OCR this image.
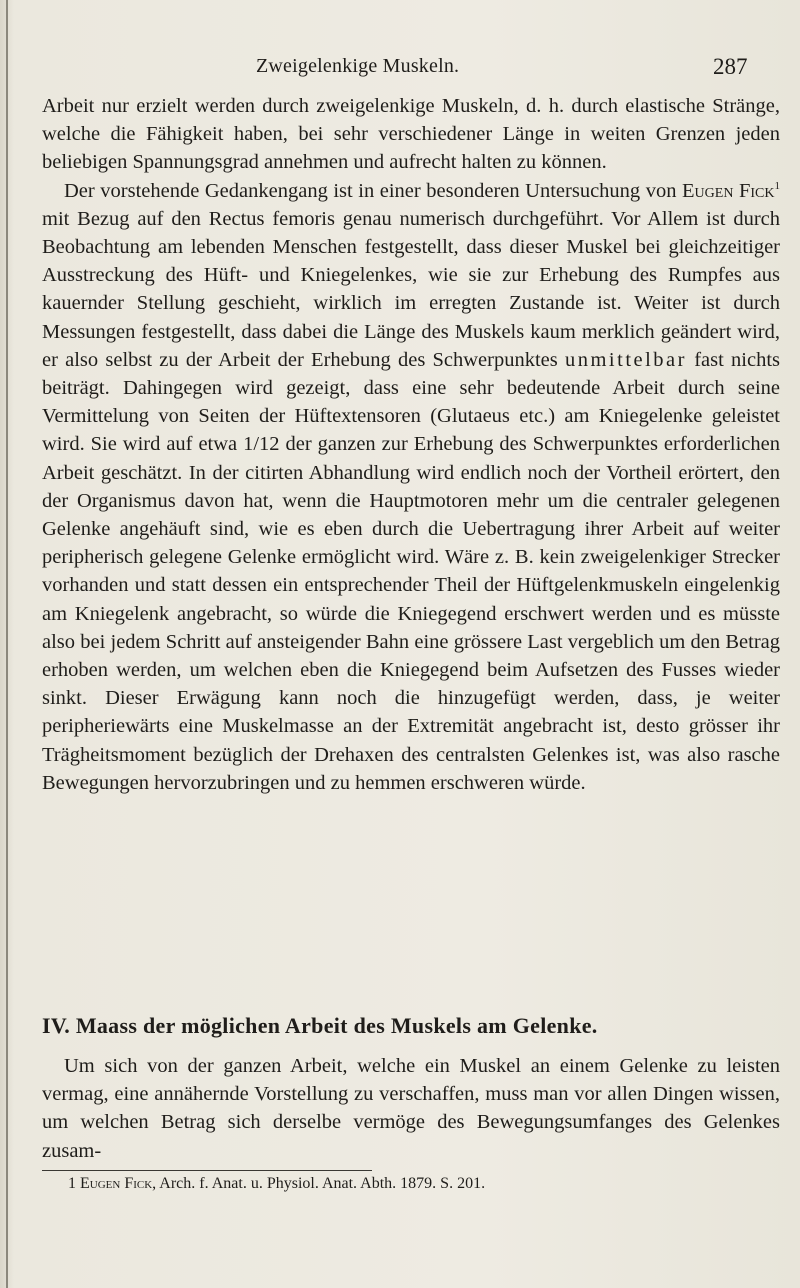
Zweigelenkige Muskeln.	287

Arbeit nur erzielt werden durch zweigelenkige Muskeln, d. h. durch elastische Stränge, welche die Fähigkeit haben, bei sehr verschiedener Länge in weiten Grenzen jeden beliebigen Spannungsgrad annehmen und aufrecht halten zu können.

Der vorstehende Gedankengang ist in einer besonderen Untersuchung von Eugen Fick$^1$ mit Bezug auf den Rectus femoris genau numerisch durchgeführt. Vor Allem ist durch Beobachtung am lebenden Menschen festgestellt, dass dieser Muskel bei gleichzeitiger Ausstreckung des Hüft- und Kniegelenkes, wie sie zur Erhebung des Rumpfes aus kauernder Stellung geschieht, wirklich im erregten Zustande ist. Weiter ist durch Messungen festgestellt, dass dabei die Länge des Muskels kaum merklich geändert wird, er also selbst zu der Arbeit der Erhebung des Schwerpunktes unmittelbar fast nichts beiträgt. Dahingegen wird gezeigt, dass eine sehr bedeutende Arbeit durch seine Vermittelung von Seiten der Hüftextensoren (Glutaeus etc.) am Kniegelenke geleistet wird. Sie wird auf etwa 1/12 der ganzen zur Erhebung des Schwerpunktes erforderlichen Arbeit geschätzt. In der citirten Abhandlung wird endlich noch der Vortheil erörtert, den der Organismus davon hat, wenn die Hauptmotoren mehr um die centraler gelegenen Gelenke angehäuft sind, wie es eben durch die Uebertragung ihrer Arbeit auf weiter peripherisch gelegene Gelenke ermöglicht wird. Wäre z. B. kein zweigelenkiger Strecker vorhanden und statt dessen ein entsprechender Theil der Hüftgelenkmuskeln eingelenkig am Kniegelenk angebracht, so würde die Kniegegend erschwert werden und es müsste also bei jedem Schritt auf ansteigender Bahn eine grössere Last vergeblich um den Betrag erhoben werden, um welchen eben die Kniegegend beim Aufsetzen des Fusses wieder sinkt. Dieser Erwägung kann noch die hinzugefügt werden, dass, je weiter peripheriewärts eine Muskelmasse an der Extremität angebracht ist, desto grösser ihr Trägheitsmoment bezüglich der Drehaxen des centralsten Gelenkes ist, was also rasche Bewegungen hervorzubringen und zu hemmen erschweren würde.

IV. Maass der möglichen Arbeit des Muskels am Gelenke.

Um sich von der ganzen Arbeit, welche ein Muskel an einem Gelenke zu leisten vermag, eine annähernde Vorstellung zu verschaffen, muss man vor allen Dingen wissen, um welchen Betrag sich derselbe vermöge des Bewegungsumfanges des Gelenkes zusam-

1 Eugen Fick, Arch. f. Anat. u. Physiol. Anat. Abth. 1879. S. 201.
